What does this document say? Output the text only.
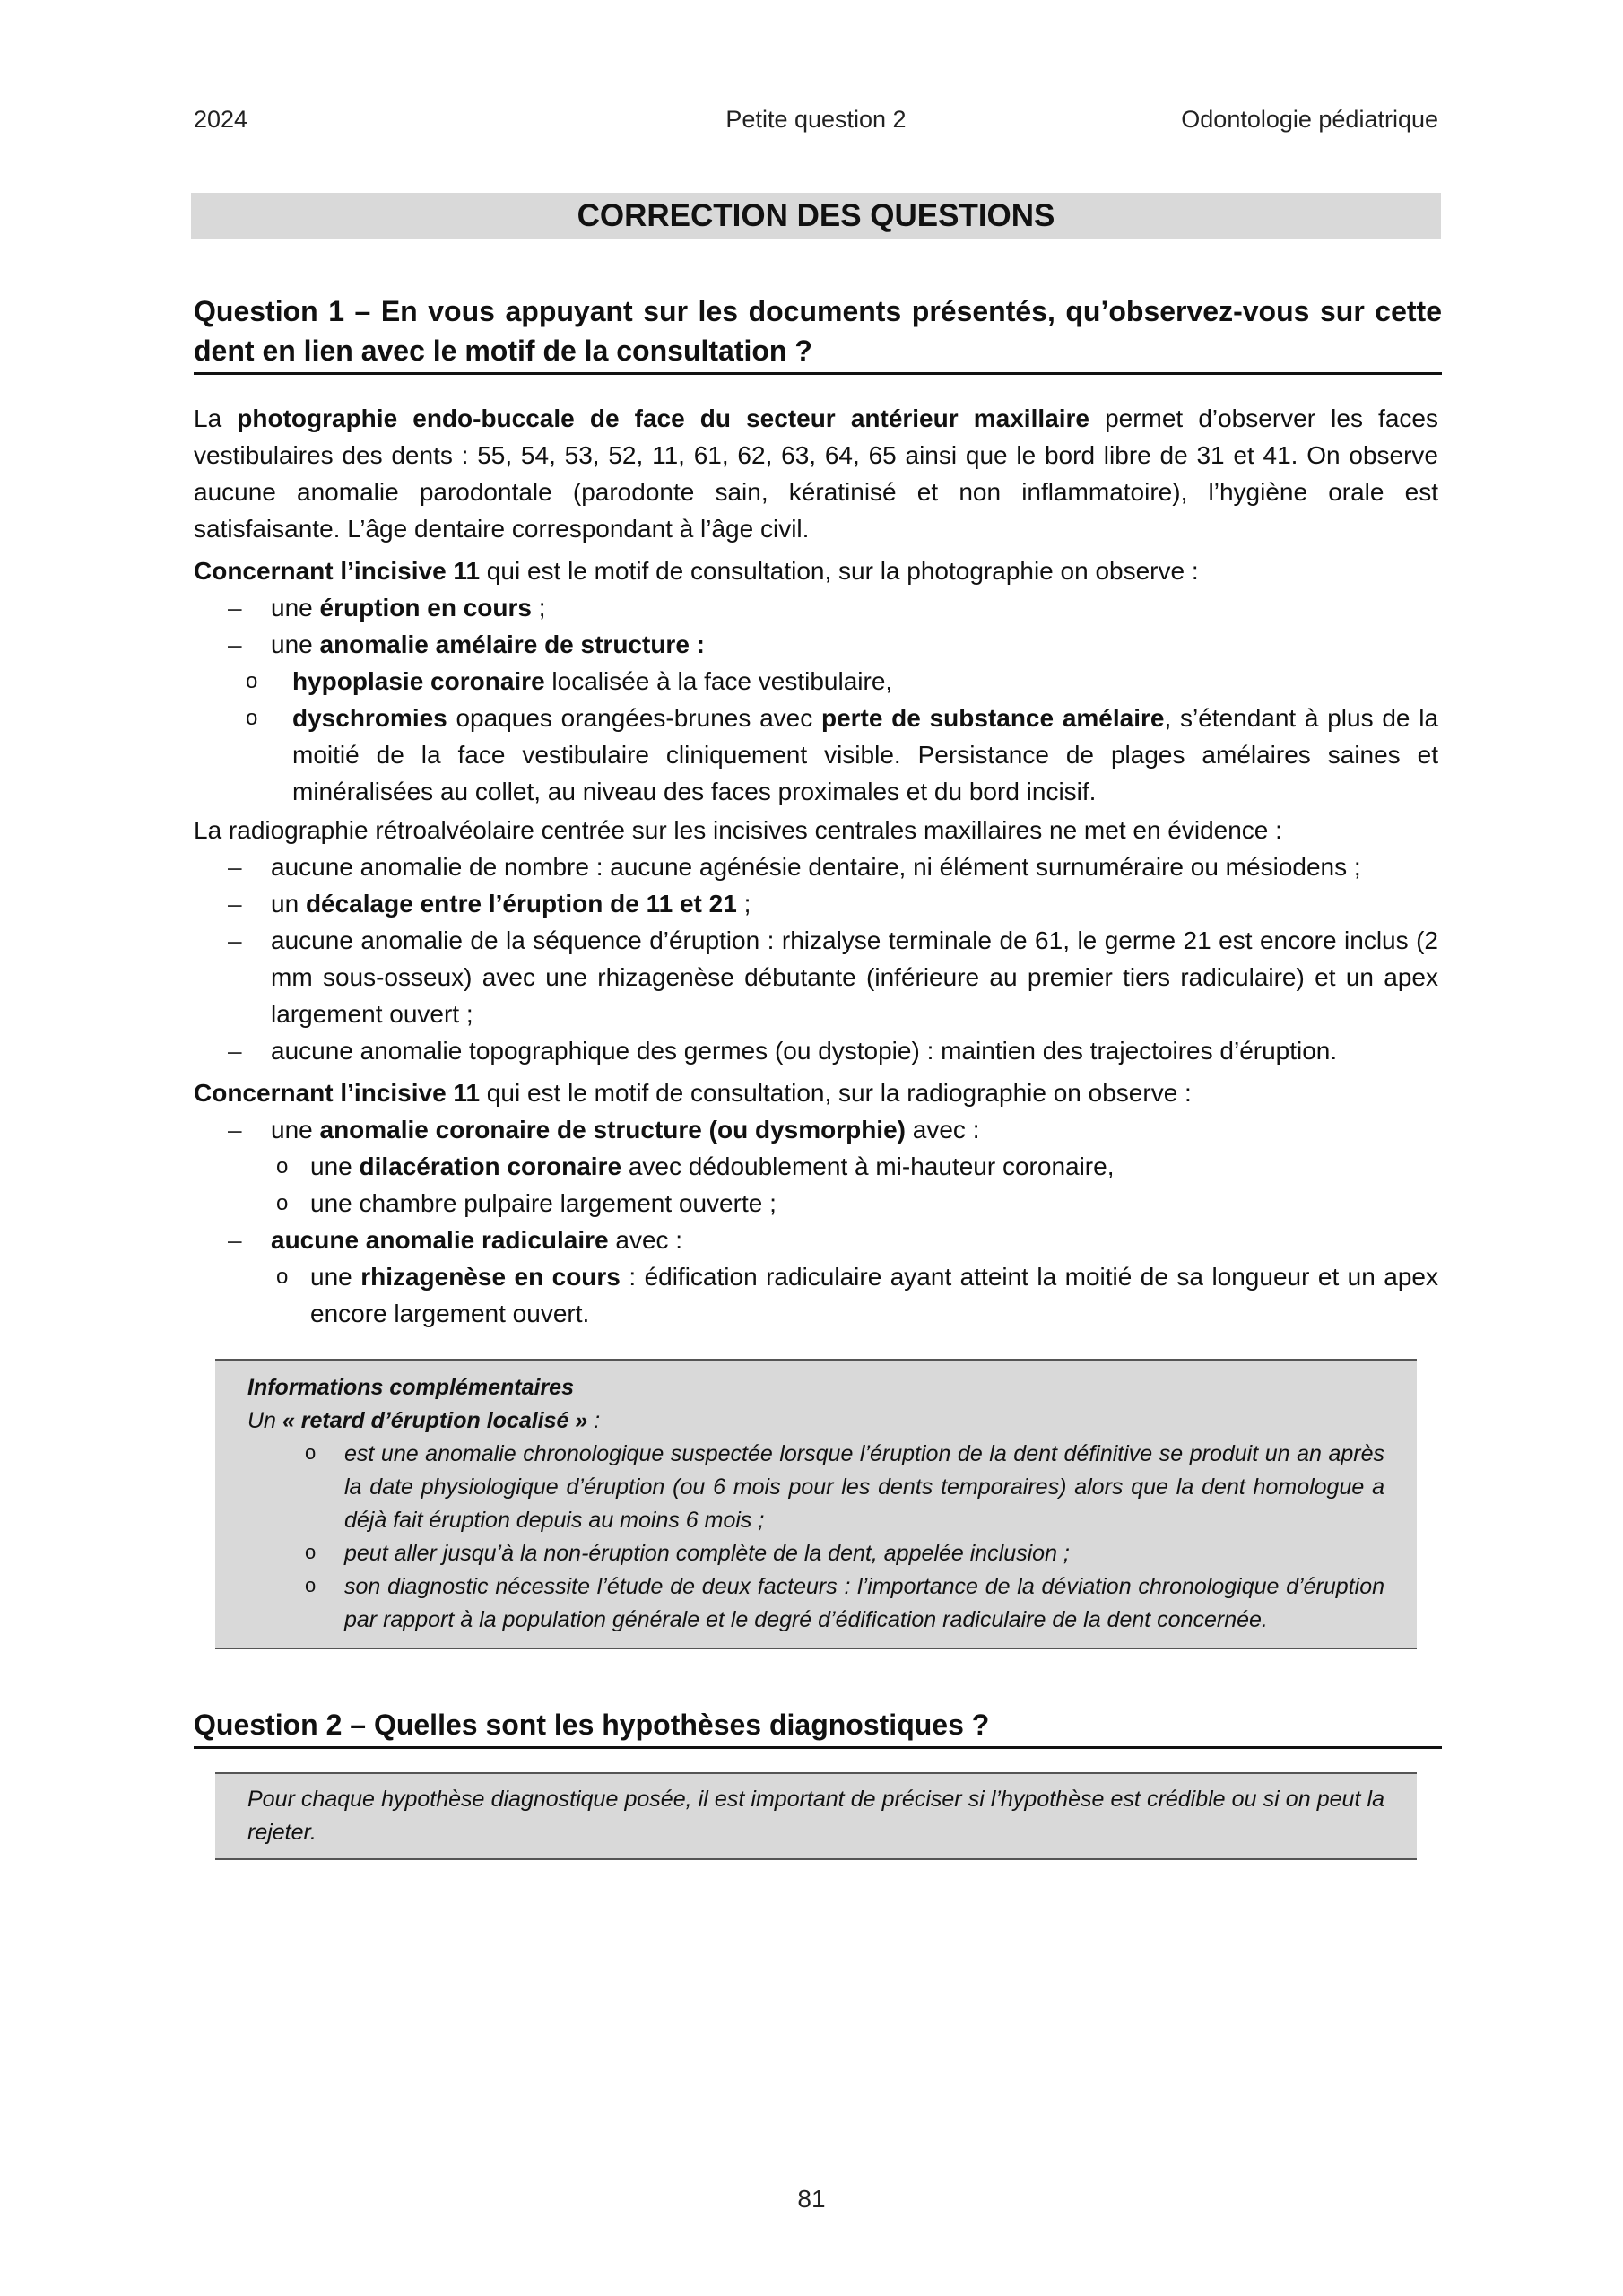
2024	Petite question 2	Odontologie pédiatrique
CORRECTION DES QUESTIONS
Question 1 – En vous appuyant sur les documents présentés, qu’observez-vous sur cette dent en lien avec le motif de la consultation ?

La photographie endo-buccale de face du secteur antérieur maxillaire permet d’observer les faces vestibulaires des dents : 55, 54, 53, 52, 11, 61, 62, 63, 64, 65 ainsi que le bord libre de 31 et 41. On observe aucune anomalie parodontale (parodonte sain, kératinisé et non inflammatoire), l’hygiène orale est satisfaisante. L’âge dentaire correspondant à l’âge civil.

Concernant l’incisive 11 qui est le motif de consultation, sur la photographie on observe :

– une éruption en cours ;
– une anomalie amélaire de structure :
o hypoplasie coronaire localisée à la face vestibulaire,
o dyschromies opaques orangées-brunes avec perte de substance amélaire, s’étendant à plus de la moitié de la face vestibulaire cliniquement visible. Persistance de plages amélaires saines et minéralisées au collet, au niveau des faces proximales et du bord incisif.

La radiographie rétroalvéolaire centrée sur les incisives centrales maxillaires ne met en évidence :

– aucune anomalie de nombre : aucune agénésie dentaire, ni élément surnuméraire ou mésiodens ;
– un décalage entre l’éruption de 11 et 21 ;
– aucune anomalie de la séquence d’éruption : rhizalyse terminale de 61, le germe 21 est encore inclus (2 mm sous-osseux) avec une rhizagenèse débutante (inférieure au premier tiers radiculaire) et un apex largement ouvert ;
– aucune anomalie topographique des germes (ou dystopie) : maintien des trajectoires d’éruption.

Concernant l’incisive 11 qui est le motif de consultation, sur la radiographie on observe :

– une anomalie coronaire de structure (ou dysmorphie) avec :
o une dilacération coronaire avec dédoublement à mi-hauteur coronaire,
o une chambre pulpaire largement ouverte ;
– aucune anomalie radiculaire avec :
o une rhizagenèse en cours : édification radiculaire ayant atteint la moitié de sa longueur et un apex encore largement ouvert.
Informations complémentaires
Un « retard d’éruption localisé » :
o est une anomalie chronologique suspectée lorsque l’éruption de la dent définitive se produit un an après la date physiologique d’éruption (ou 6 mois pour les dents temporaires) alors que la dent homologue a déjà fait éruption depuis au moins 6 mois ;
o peut aller jusqu’à la non-éruption complète de la dent, appelée inclusion ;
o son diagnostic nécessite l’étude de deux facteurs : l’importance de la déviation chronologique d’éruption par rapport à la population générale et le degré d’édification radiculaire de la dent concernée.
Question 2 – Quelles sont les hypothèses diagnostiques ?
Pour chaque hypothèse diagnostique posée, il est important de préciser si l’hypothèse est crédible ou si on peut la rejeter.
81
